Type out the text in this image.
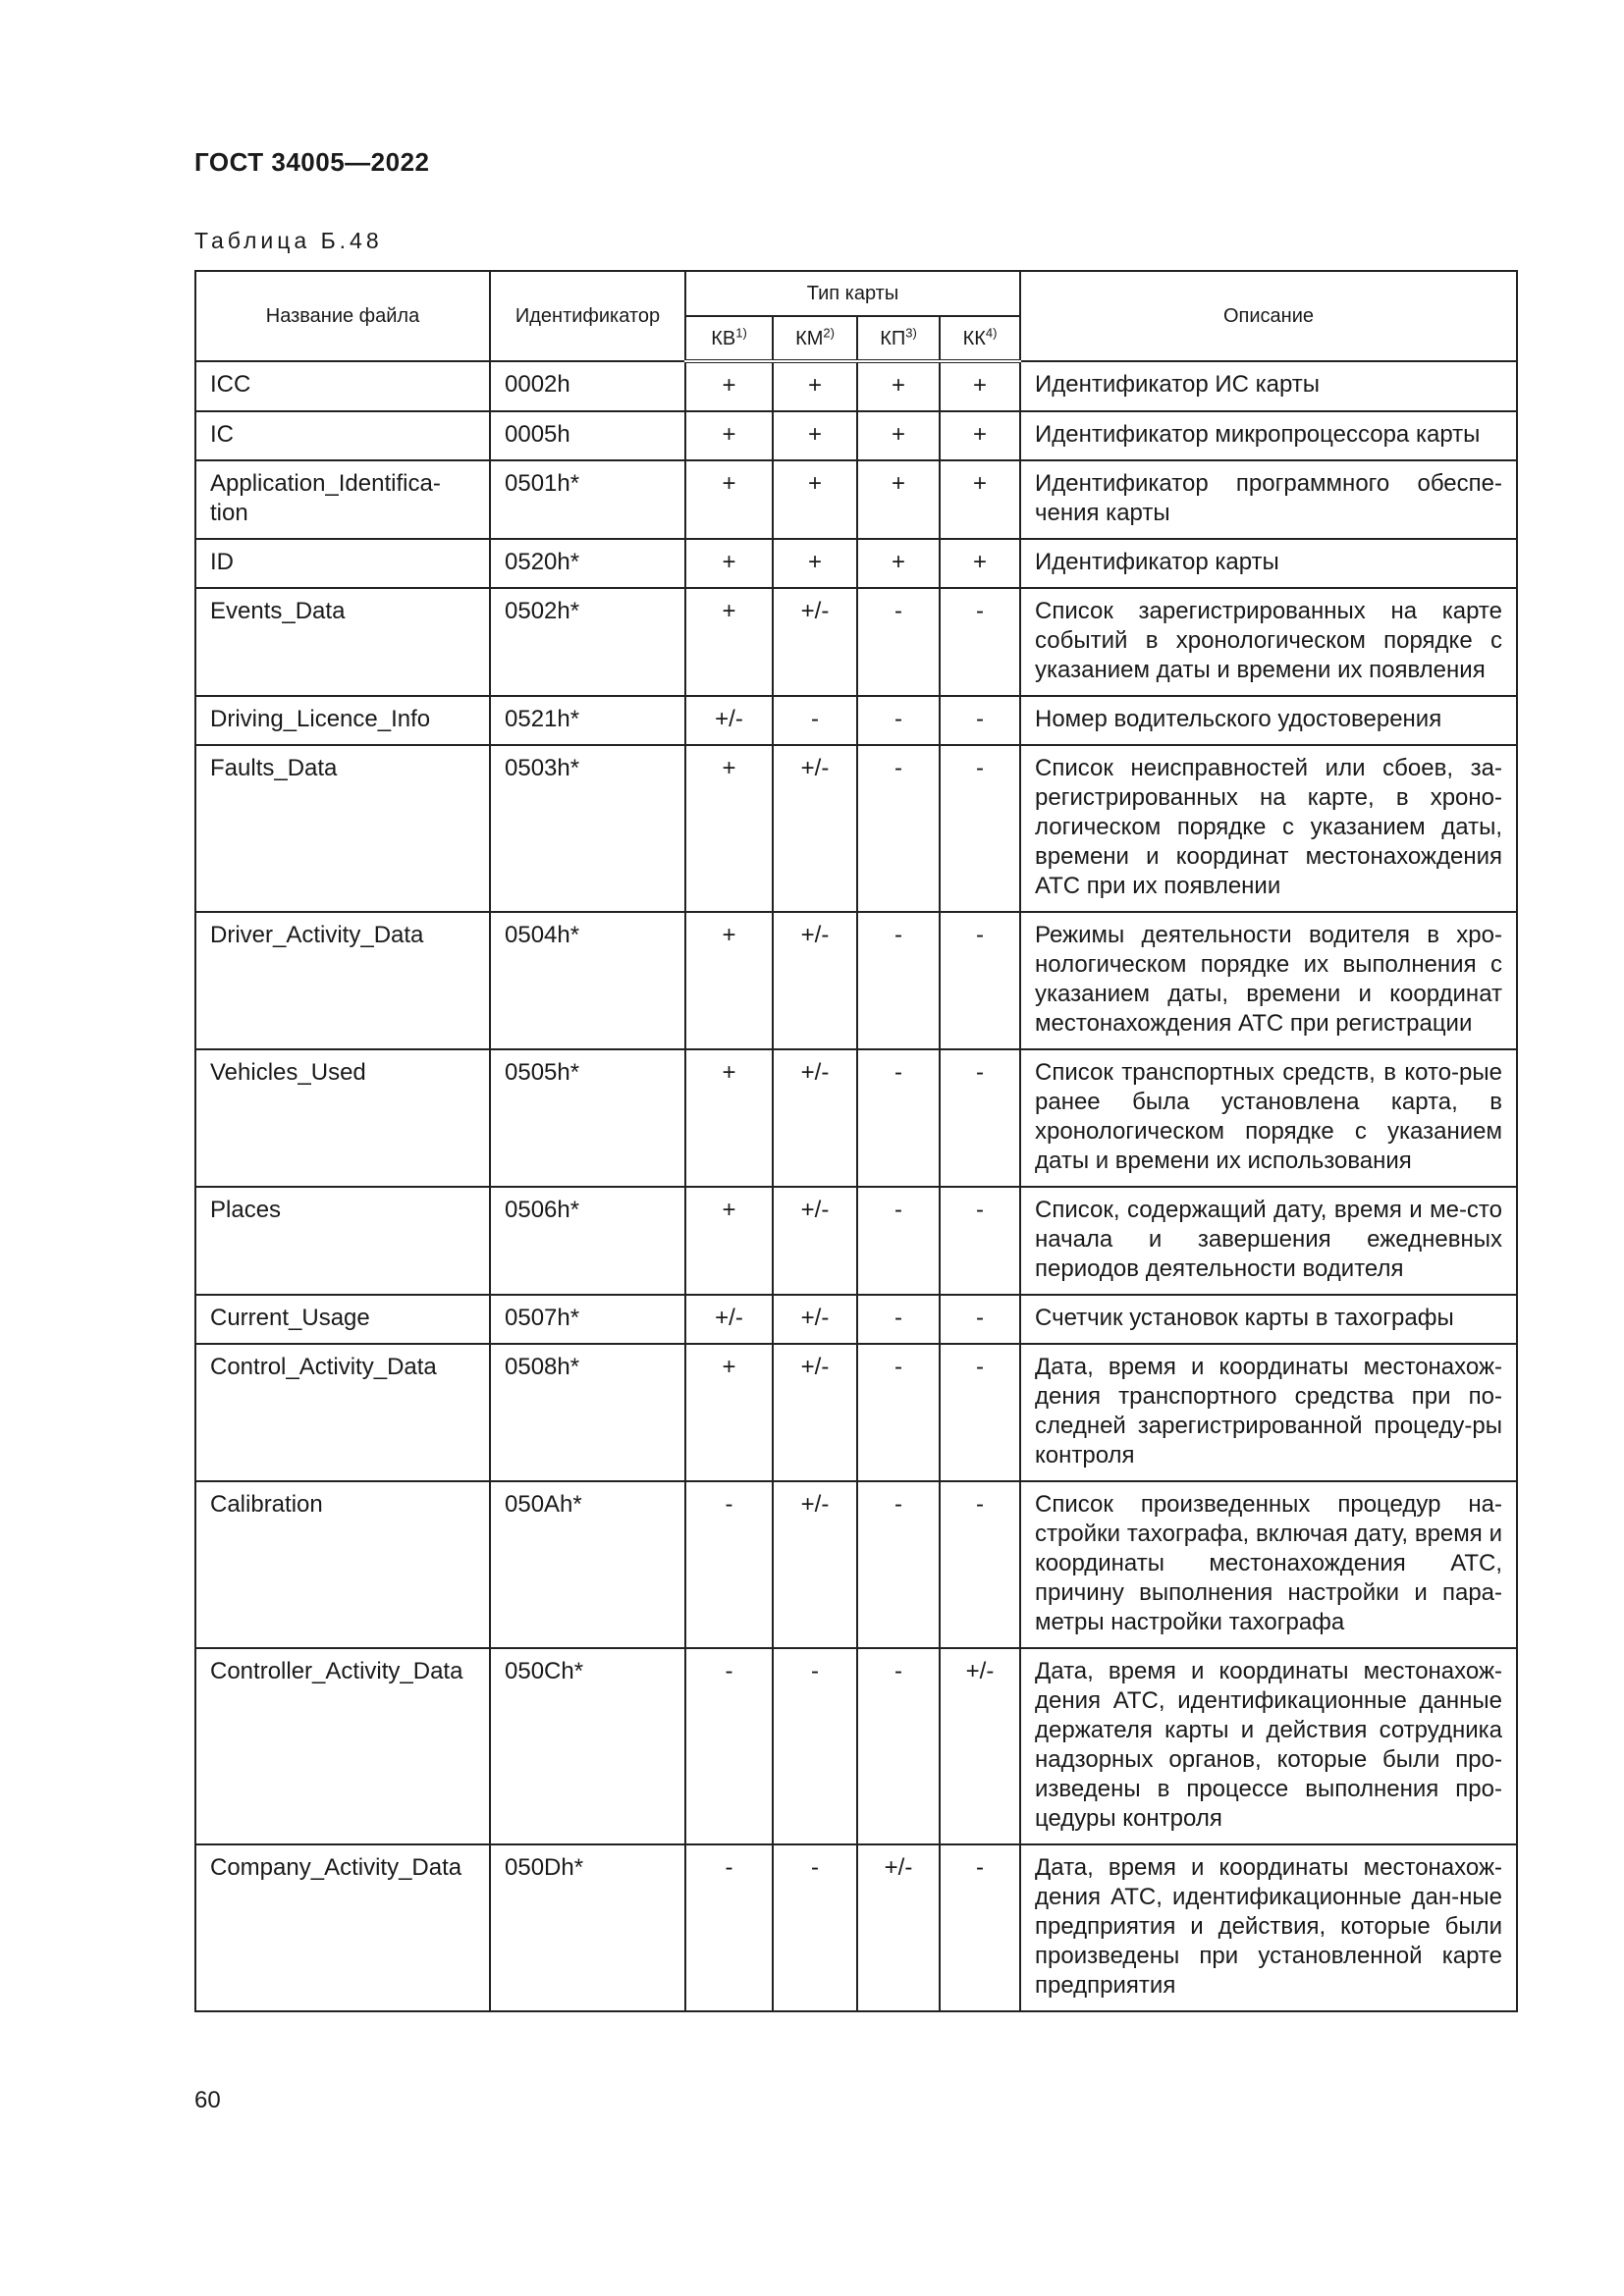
ГОСТ 34005—2022
Таблица Б.48
Название файла	Идентификатор	Тип карты				Описание
		КВ$^{1)}$	КМ$^{2)}$	КП$^{3)}$	КК$^{4)}$
ICC	0002h	+	+	+	+	Идентификатор ИС карты
IC	0005h	+	+	+	+	Идентификатор микропроцессора карты
Application_Identifica-tion	0501h*	+	+	+	+	Идентификатор программного обеспе-чения карты
ID	0520h*	+	+	+	+	Идентификатор карты
Events_Data	0502h*	+	+/-	-	-	Список зарегистрированных на карте событий в хронологическом порядке с указанием даты и времени их появления
Driving_Licence_Info	0521h*	+/-	-	-	-	Номер водительского удостоверения
Faults_Data	0503h*	+	+/-	-	-	Список неисправностей или сбоев, за-регистрированных на карте, в хроно-логическом порядке с указанием даты, времени и координат местонахождения АТС при их появлении
Driver_Activity_Data	0504h*	+	+/-	-	-	Режимы деятельности водителя в хро-нологическом порядке их выполнения с указанием даты, времени и координат местонахождения АТС при регистрации
Vehicles_Used	0505h*	+	+/-	-	-	Список транспортных средств, в кото-рые ранее была установлена карта, в хронологическом порядке с указанием даты и времени их использования
Places	0506h*	+	+/-	-	-	Список, содержащий дату, время и ме-сто начала и завершения ежедневных периодов деятельности водителя
Current_Usage	0507h*	+/-	+/-	-	-	Счетчик установок карты в тахографы
Control_Activity_Data	0508h*	+	+/-	-	-	Дата, время и координаты местонахож-дения транспортного средства при по-следней зарегистрированной процеду-ры контроля
Calibration	050Ah*	-	+/-	-	-	Список произведенных процедур на-стройки тахографа, включая дату, время и координаты местонахождения АТС, причину выполнения настройки и пара-метры настройки тахографа
Controller_Activity_Data	050Ch*	-	-	-	+/-	Дата, время и координаты местонахож-дения АТС, идентификационные данные держателя карты и действия сотрудника надзорных органов, которые были про-изведены в процессе выполнения про-цедуры контроля
Company_Activity_Data	050Dh*	-	-	+/-	-	Дата, время и координаты местонахож-дения АТС, идентификационные дан-ные предприятия и действия, которые были произведены при установленной карте предприятия
60
